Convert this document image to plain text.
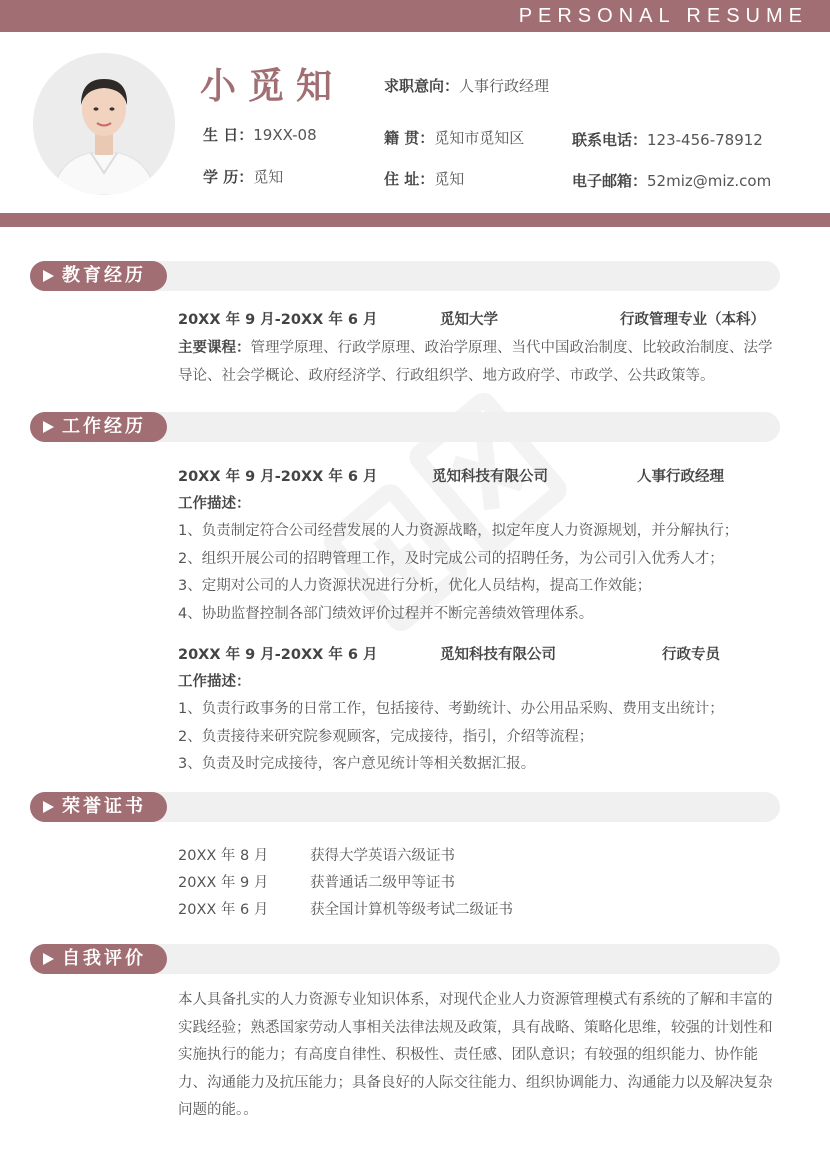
PERSONAL RESUME
小觅知	求职意向：人事行政经理
生 日：19XX-08
学 历：觅知
籍 贯：觅知市觅知区
住 址：觅知
联系电话：123-456-78912
电子邮箱：52miz@miz.com
教育经历
20XX 年 9 月-20XX 年 6 月	觅知大学	行政管理专业（本科）
主要课程：管理学原理、行政学原理、政治学原理、当代中国政治制度、比较政治制度、法学导论、社会学概论、政府经济学、行政组织学、地方政府学、市政学、公共政策等。
工作经历
20XX 年 9 月-20XX 年 6 月	觅知科技有限公司	人事行政经理
工作描述：
1、负责制定符合公司经营发展的人力资源战略，拟定年度人力资源规划，并分解执行；
2、组织开展公司的招聘管理工作，及时完成公司的招聘任务，为公司引入优秀人才；
3、定期对公司的人力资源状况进行分析，优化人员结构，提高工作效能；
4、协助监督控制各部门绩效评价过程并不断完善绩效管理体系。
20XX 年 9 月-20XX 年 6 月	觅知科技有限公司	行政专员
工作描述：
1、负责行政事务的日常工作，包括接待、考勤统计、办公用品采购、费用支出统计；
2、负责接待来研究院参观顾客，完成接待，指引，介绍等流程；
3、负责及时完成接待，客户意见统计等相关数据汇报。
荣誉证书
20XX 年 8 月	获得大学英语六级证书
20XX 年 9 月	获普通话二级甲等证书
20XX 年 6 月	获全国计算机等级考试二级证书
自我评价
本人具备扎实的人力资源专业知识体系，对现代企业人力资源管理模式有系统的了解和丰富的实践经验；熟悉国家劳动人事相关法律法规及政策，具有战略、策略化思维，较强的计划性和实施执行的能力；有高度自律性、积极性、责任感、团队意识；有较强的组织能力、协作能力、沟通能力及抗压能力；具备良好的人际交往能力、组织协调能力、沟通能力以及解决复杂问题的能。。
